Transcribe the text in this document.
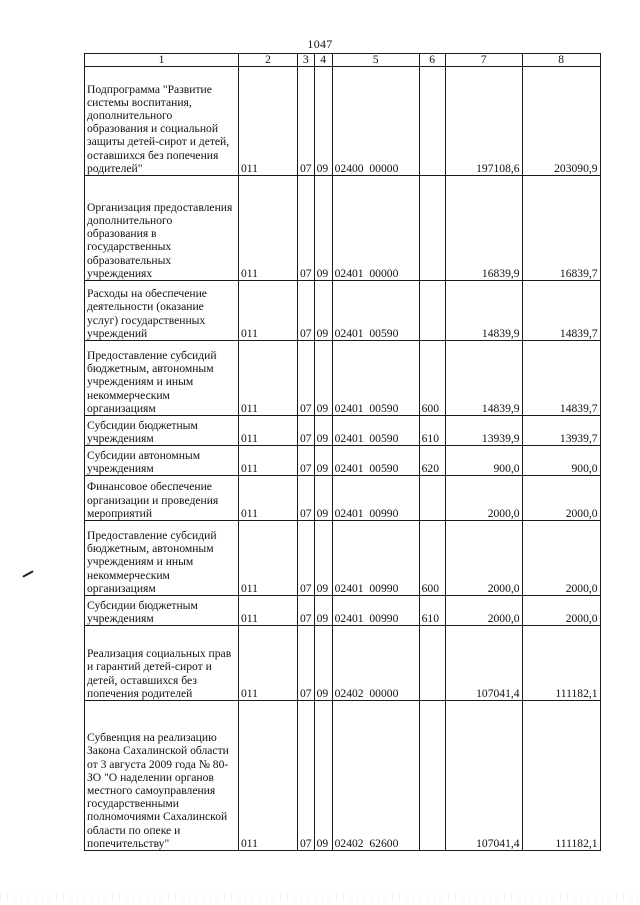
1047
1	2	3	4	5	6	7	8
Подпрограмма "Развитие системы воспитания, дополнительного образования и социальной защиты детей-сирот и детей, оставшихся без попечения родителей"	011	07	09	02400  00000		197108,6	203090,9
Организация предоставления дополнительного образования в государственных образовательных учреждениях	011	07	09	02401  00000		16839,9	16839,7
Расходы на обеспечение деятельности (оказание услуг) государственных учреждений	011	07	09	02401  00590		14839,9	14839,7
Предоставление субсидий бюджетным, автономным учреждениям и иным некоммерческим организациям	011	07	09	02401  00590	600	14839,9	14839,7
Субсидии бюджетным учреждениям	011	07	09	02401  00590	610	13939,9	13939,7
Субсидии автономным учреждениям	011	07	09	02401  00590	620	900,0	900,0
Финансовое обеспечение организации и проведения мероприятий	011	07	09	02401  00990		2000,0	2000,0
Предоставление субсидий бюджетным, автономным учреждениям и иным некоммерческим организациям	011	07	09	02401  00990	600	2000,0	2000,0
Субсидии бюджетным учреждениям	011	07	09	02401  00990	610	2000,0	2000,0
Реализация социальных прав и гарантий детей-сирот и детей, оставшихся без попечения родителей	011	07	09	02402  00000		107041,4	111182,1
Субвенция на реализацию Закона Сахалинской области от 3 августа 2009 года № 80-ЗО "О наделении органов местного самоуправления государственными полномочиями Сахалинской области по опеке и попечительству"	011	07	09	02402  62600		107041,4	111182,1
